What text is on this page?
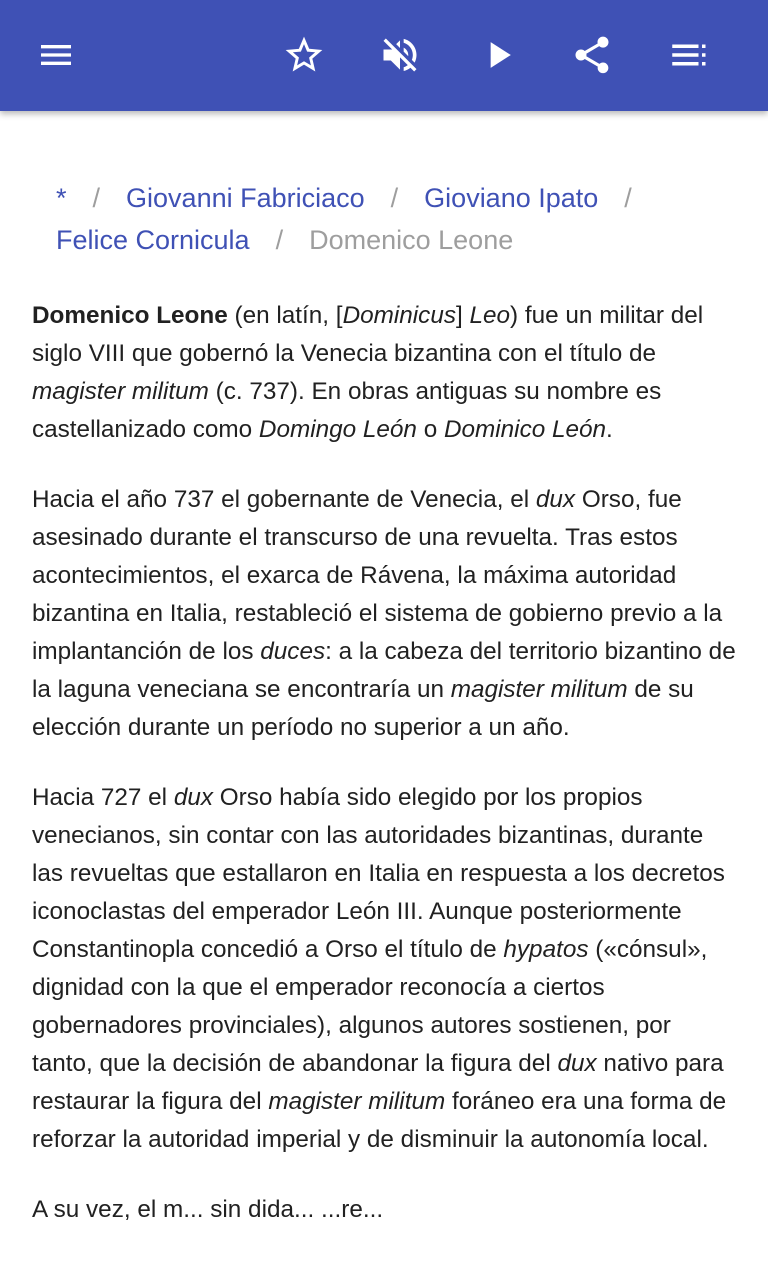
* / Giovanni Fabriciaco / Gioviano Ipato /
Felice Cornicula / Domenico Leone

Domenico Leone (en latín, [Dominicus] Leo) fue un militar del siglo VIII que gobernó la Venecia bizantina con el título de magister militum (c. 737). En obras antiguas su nombre es castellanizado como Domingo León o Dominico León.

Hacia el año 737 el gobernante de Venecia, el dux Orso, fue asesinado durante el transcurso de una revuelta. Tras estos acontecimientos, el exarca de Rávena, la máxima autoridad bizantina en Italia, restableció el sistema de gobierno previo a la implantanción de los duces: a la cabeza del territorio bizantino de la laguna veneciana se encontraría un magister militum de su elección durante un período no superior a un año.

Hacia 727 el dux Orso había sido elegido por los propios venecianos, sin contar con las autoridades bizantinas, durante las revueltas que estallaron en Italia en respuesta a los decretos iconoclastas del emperador León III. Aunque posteriormente Constantinopla concedió a Orso el título de hypatos («cónsul», dignidad con la que el emperador reconocía a ciertos gobernadores provinciales), algunos autores sostienen, por tanto, que la decisión de abandonar la figura del dux nativo para restaurar la figura del magister militum foráneo era una forma de reforzar la autoridad imperial y de disminuir la autonomía local.

A su vez, el m... sin dida... ...re...
